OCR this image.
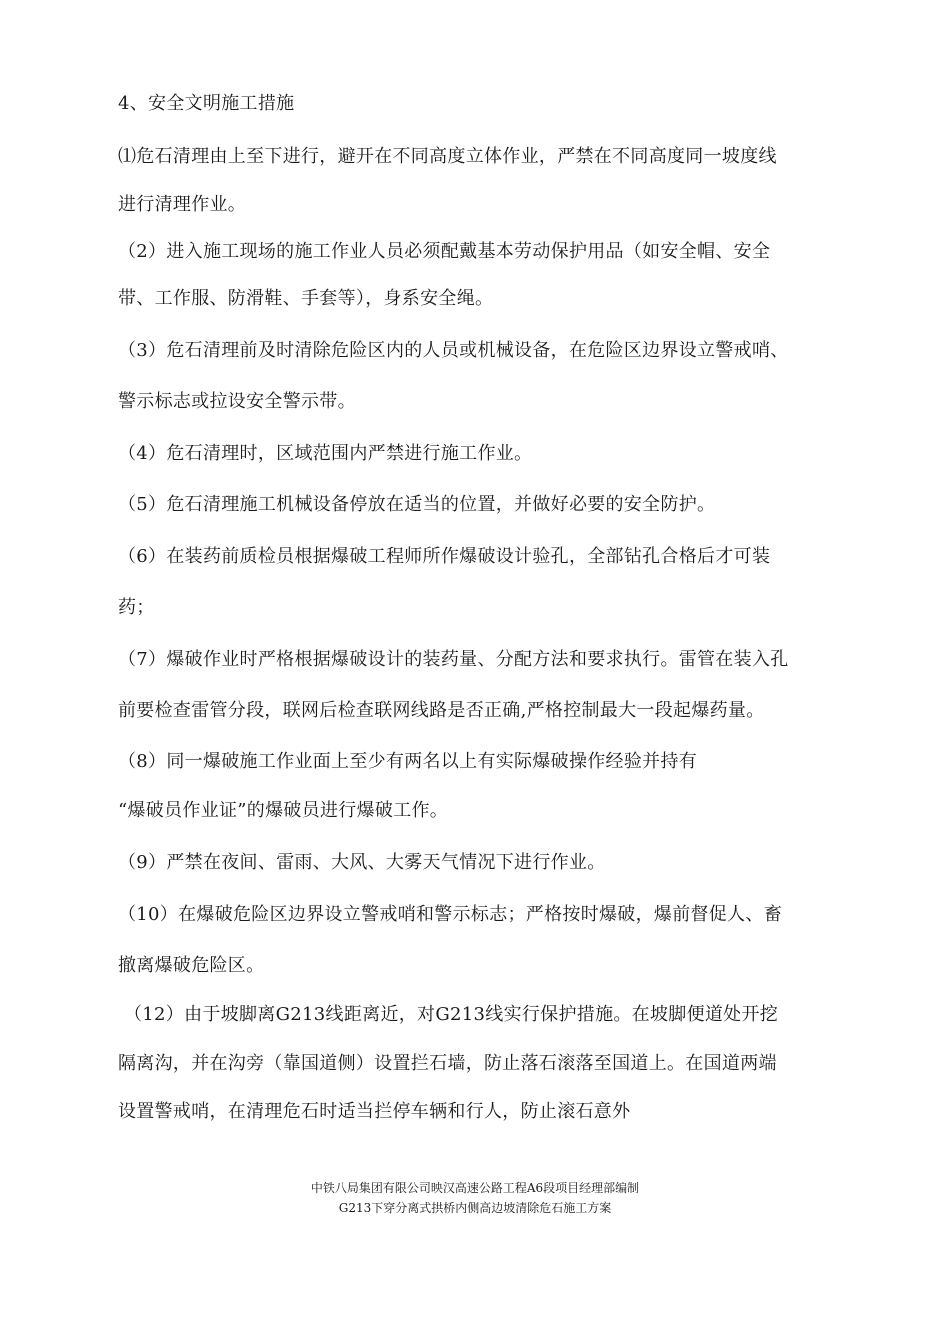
4、安全文明施工措施
⑴危石清理由上至下进行，避开在不同高度立体作业，严禁在不同高度同一坡度线
进行清理作业。
（2）进入施工现场的施工作业人员必须配戴基本劳动保护用品（如安全帽、安全
带、工作服、防滑鞋、手套等），身系安全绳。
（3）危石清理前及时清除危险区内的人员或机械设备，在危险区边界设立警戒哨、
警示标志或拉设安全警示带。
（4）危石清理时，区域范围内严禁进行施工作业。
（5）危石清理施工机械设备停放在适当的位置，并做好必要的安全防护。
（6）在装药前质检员根据爆破工程师所作爆破设计验孔，全部钻孔合格后才可装
药；
（7）爆破作业时严格根据爆破设计的装药量、分配方法和要求执行。雷管在装入孔
前要检查雷管分段，联网后检查联网线路是否正确,严格控制最大一段起爆药量。
（8）同一爆破施工作业面上至少有两名以上有实际爆破操作经验并持有
“爆破员作业证”的爆破员进行爆破工作。
（9）严禁在夜间、雷雨、大风、大雾天气情况下进行作业。
（10）在爆破危险区边界设立警戒哨和警示标志；严格按时爆破，爆前督促人、畜
撤离爆破危险区。
（12）由于坡脚离G213线距离近，对G213线实行保护措施。在坡脚便道处开挖
隔离沟，并在沟旁（靠国道侧）设置拦石墙，防止落石滚落至国道上。在国道两端
设置警戒哨，在清理危石时适当拦停车辆和行人，防止滚石意外
中铁八局集团有限公司映汉高速公路工程A6段项目经理部编制
G213下穿分离式拱桥内侧高边坡清除危石施工方案
